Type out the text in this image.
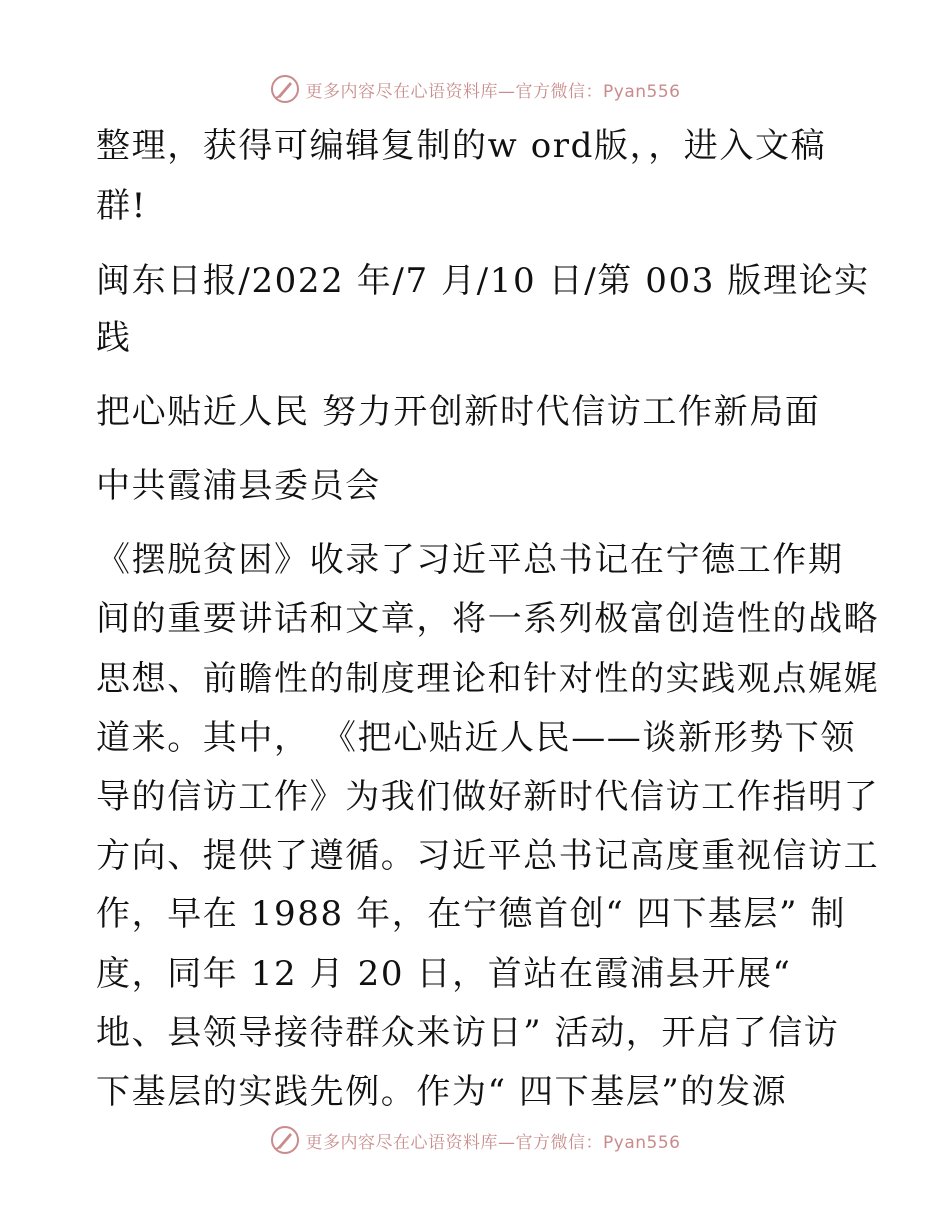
更多内容尽在心语资料库—官方微信：Pyan556

整理，获得可编辑复制的w ord版，，进入文稿

群!

闽东日报/2022 年/7 月/10 日/第 003 版理论实

践

把心贴近人民 努力开创新时代信访工作新局面

中共霞浦县委员会

《摆脱贫困》收录了习近平总书记在宁德工作期

间的重要讲话和文章，将一系列极富创造性的战略

思想、前瞻性的制度理论和针对性的实践观点娓娓

道来。其中， 《把心贴近人民——谈新形势下领

导的信访工作》为我们做好新时代信访工作指明了

方向、提供了遵循。习近平总书记高度重视信访工

作，早在 1988 年，在宁德首创“ 四下基层” 制

度，同年 12 月 20 日，首站在霞浦县开展“

地、县领导接待群众来访日” 活动，开启了信访

下基层的实践先例。作为“ 四下基层”的发源

更多内容尽在心语资料库—官方微信：Pyan556
